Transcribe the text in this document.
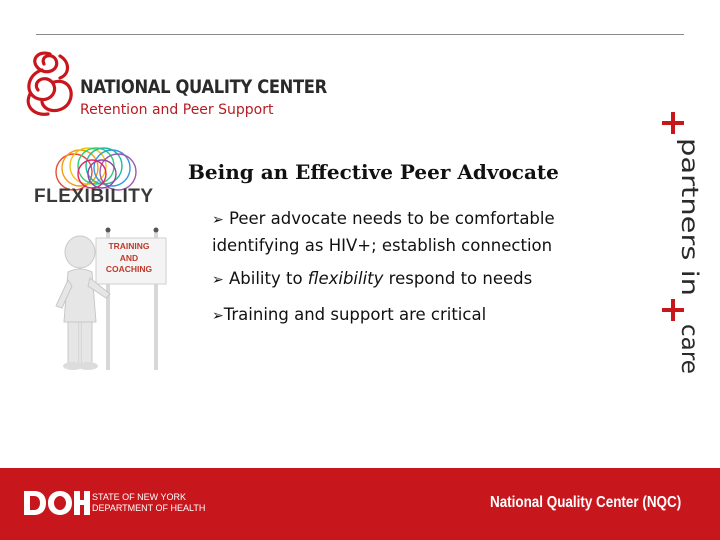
NATIONAL QUALITY CENTER
Retention and Peer Support
FLEXIBILITY
TRAINING
AND
COACHING
Being an Effective Peer Advocate
➢ Peer advocate needs to be comfortable
identifying as HIV+; establish connection
➢ Ability to flexibility respond to needs
➢Training and support are critical
partners in
care
STATE OF NEW YORK
DEPARTMENT OF HEALTH	National Quality Center (NQC)
